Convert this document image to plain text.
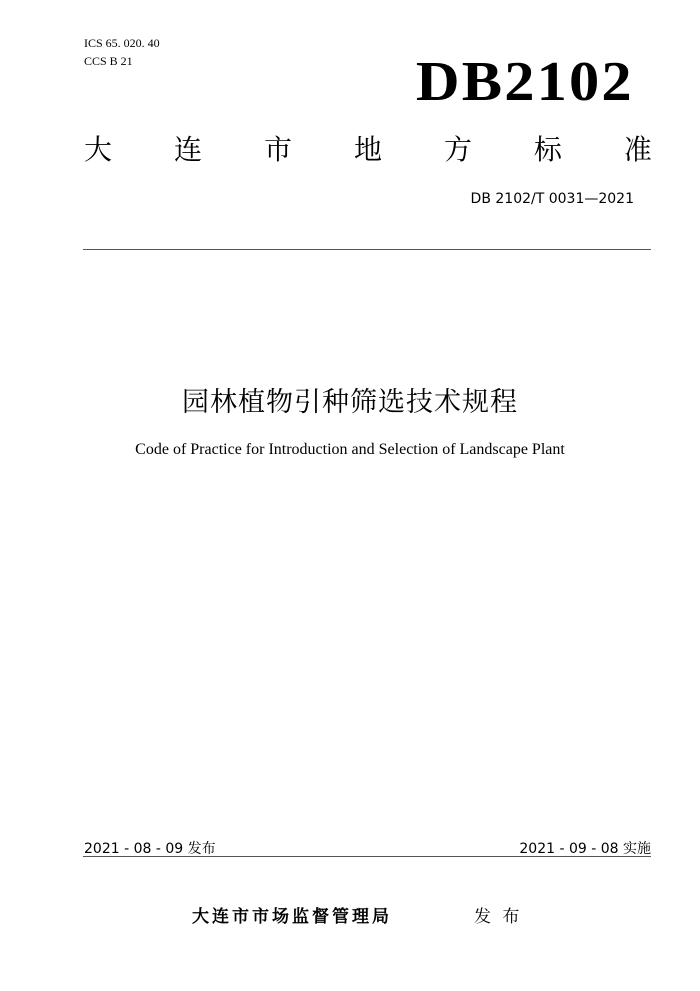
ICS 65. 020. 40
CCS B 21	DB2102
大 连 市 地 方 标 准
DB 2102/T 0031—2021
园林植物引种筛选技术规程
Code of Practice for Introduction and Selection of Landscape Plant
2021 - 08 - 09 发布	2021 - 09 - 08 实施
大连市市场监督管理局	发 布
